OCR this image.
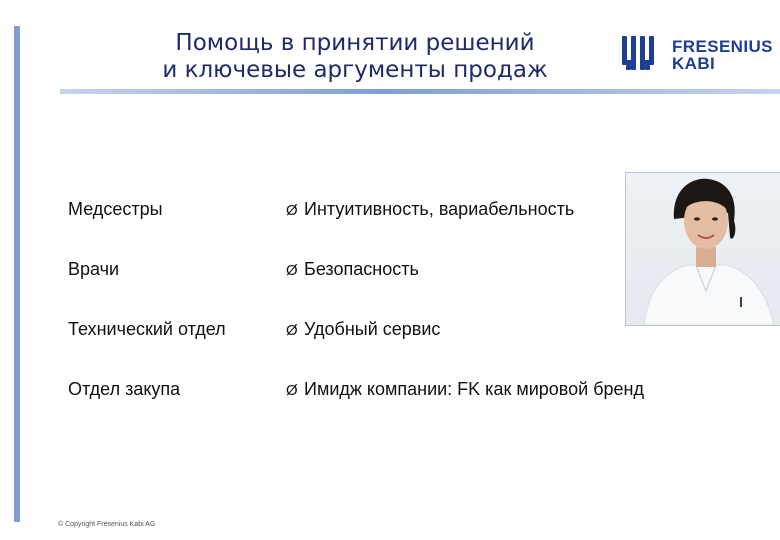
Помощь в принятии решений
и ключевые аргументы продаж
FRESENIUS
KABI
Медсестры	Ø Интуитивность, вариабельность
Врачи	Ø Безопасность
Технический отдел	Ø Удобный сервис
Отдел закупа	Ø Имидж компании: FK как мировой бренд
© Copyright Fresenius Kabi AG
